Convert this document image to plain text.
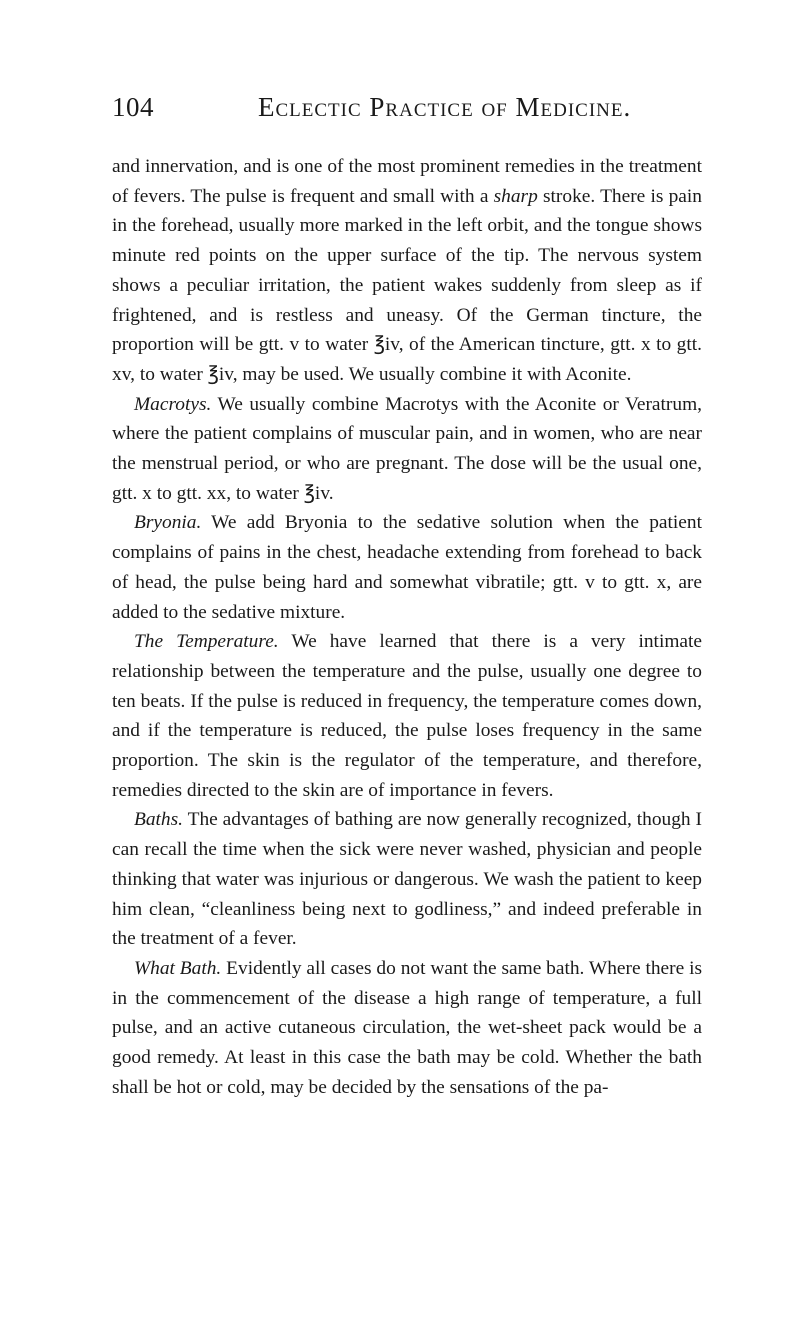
104	Eclectic Practice of Medicine.

and innervation, and is one of the most prominent remedies in the treatment of fevers. The pulse is frequent and small with a sharp stroke. There is pain in the forehead, usually more marked in the left orbit, and the tongue shows minute red points on the upper surface of the tip. The nervous system shows a peculiar irritation, the patient wakes suddenly from sleep as if frightened, and is restless and uneasy. Of the German tincture, the proportion will be gtt. v to water ℥iv, of the American tincture, gtt. x to gtt. xv, to water ℥iv, may be used. We usually combine it with Aconite.

Macrotys. We usually combine Macrotys with the Aconite or Veratrum, where the patient complains of muscular pain, and in women, who are near the menstrual period, or who are pregnant. The dose will be the usual one, gtt. x to gtt. xx, to water ℥iv.

Bryonia. We add Bryonia to the sedative solution when the patient complains of pains in the chest, headache extending from forehead to back of head, the pulse being hard and somewhat vibratile; gtt. v to gtt. x, are added to the sedative mixture.

The Temperature. We have learned that there is a very intimate relationship between the temperature and the pulse, usually one degree to ten beats. If the pulse is reduced in frequency, the temperature comes down, and if the temperature is reduced, the pulse loses frequency in the same proportion. The skin is the regulator of the temperature, and therefore, remedies directed to the skin are of importance in fevers.

Baths. The advantages of bathing are now generally recognized, though I can recall the time when the sick were never washed, physician and people thinking that water was injurious or dangerous. We wash the patient to keep him clean, “cleanliness being next to godliness,” and indeed preferable in the treatment of a fever.

What Bath. Evidently all cases do not want the same bath. Where there is in the commencement of the disease a high range of temperature, a full pulse, and an active cutaneous circulation, the wet-sheet pack would be a good remedy. At least in this case the bath may be cold. Whether the bath shall be hot or cold, may be decided by the sensations of the pa-
